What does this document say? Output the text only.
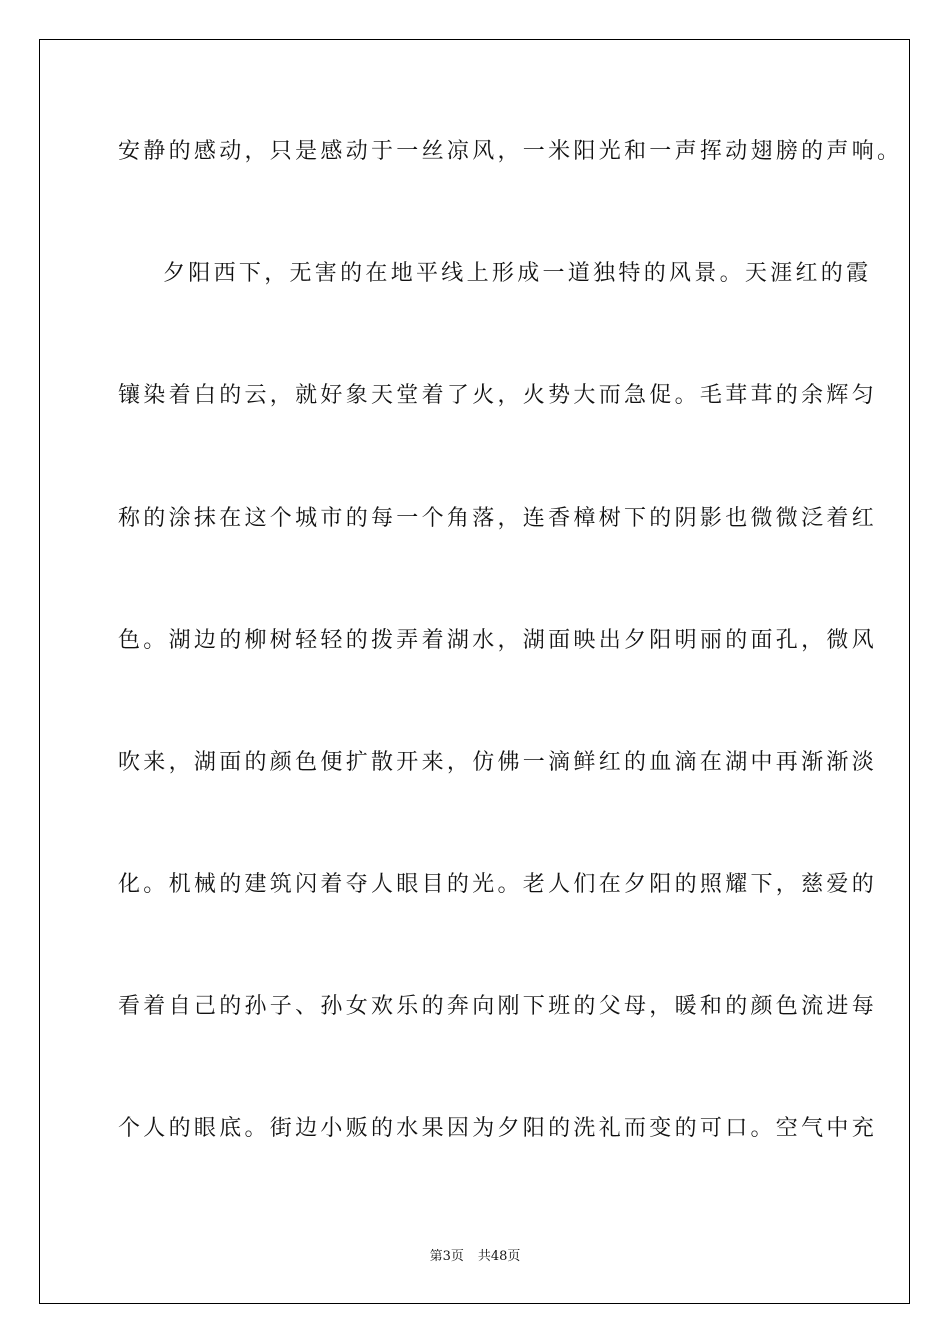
安静的感动，只是感动于一丝凉风，一米阳光和一声挥动翅膀的声响。

夕阳西下，无害的在地平线上形成一道独特的风景。天涯红的霞

镶染着白的云，就好象天堂着了火，火势大而急促。毛茸茸的余辉匀

称的涂抹在这个城市的每一个角落，连香樟树下的阴影也微微泛着红

色。湖边的柳树轻轻的拨弄着湖水，湖面映出夕阳明丽的面孔，微风

吹来，湖面的颜色便扩散开来，仿佛一滴鲜红的血滴在湖中再渐渐淡

化。机械的建筑闪着夺人眼目的光。老人们在夕阳的照耀下，慈爱的

看着自己的孙子、孙女欢乐的奔向刚下班的父母，暖和的颜色流进每

个人的眼底。街边小贩的水果因为夕阳的洗礼而变的可口。空气中充

第3页 共48页
